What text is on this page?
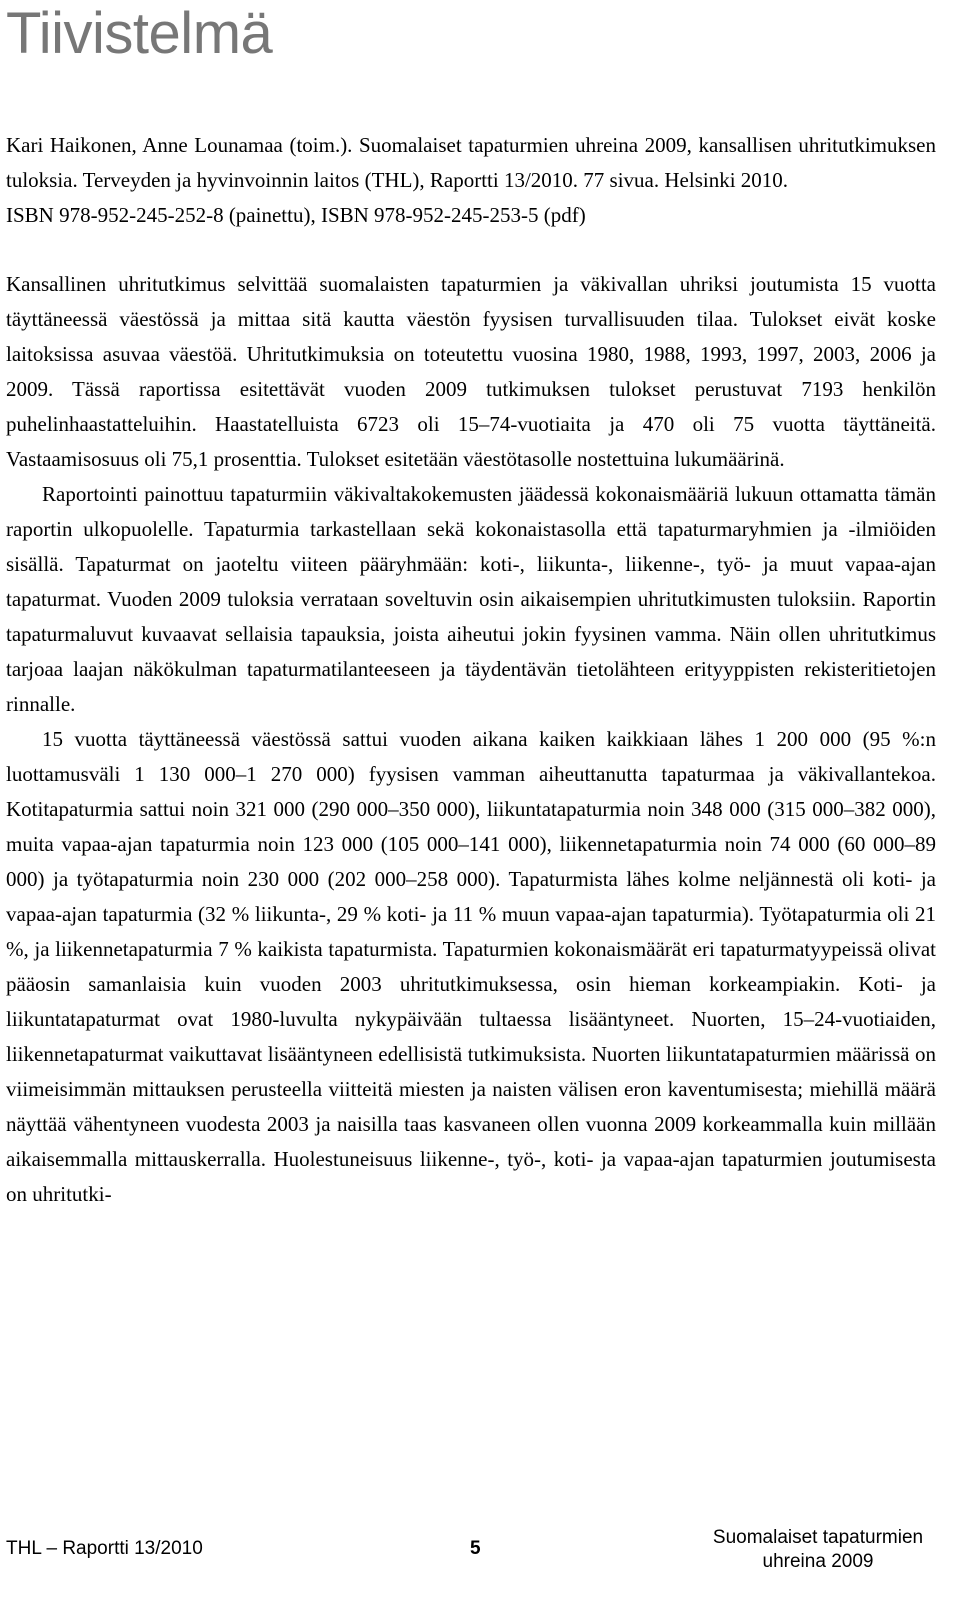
Tiivistelmä

Kari Haikonen, Anne Lounamaa (toim.). Suomalaiset tapaturmien uhreina 2009, kansallisen uhritutkimuksen tuloksia. Terveyden ja hyvinvoinnin laitos (THL), Raportti 13/2010. 77 sivua. Helsinki 2010.

ISBN 978-952-245-252-8 (painettu), ISBN 978-952-245-253-5 (pdf)

Kansallinen uhritutkimus selvittää suomalaisten tapaturmien ja väkivallan uhriksi joutumista 15 vuotta täyttäneessä väestössä ja mittaa sitä kautta väestön fyysisen turvallisuuden tilaa. Tulokset eivät koske laitoksissa asuvaa väestöä. Uhritutkimuksia on toteutettu vuosina 1980, 1988, 1993, 1997, 2003, 2006 ja 2009. Tässä raportissa esitettävät vuoden 2009 tutkimuksen tulokset perustuvat 7193 henkilön puhelinhaastatteluihin. Haastatelluista 6723 oli 15–74-vuotiaita ja 470 oli 75 vuotta täyttäneitä. Vastaamisosuus oli 75,1 prosenttia. Tulokset esitetään väestötasolle nostettuina lukumäärinä.

Raportointi painottuu tapaturmiin väkivaltakokemusten jäädessä kokonaismääriä lukuun ottamatta tämän raportin ulkopuolelle. Tapaturmia tarkastellaan sekä kokonaistasolla että tapaturmaryhmien ja -ilmiöiden sisällä. Tapaturmat on jaoteltu viiteen pääryhmään: koti-, liikunta-, liikenne-, työ- ja muut vapaa-ajan tapaturmat. Vuoden 2009 tuloksia verrataan soveltuvin osin aikaisempien uhritutkimusten tuloksiin. Raportin tapaturmaluvut kuvaavat sellaisia tapauksia, joista aiheutui jokin fyysinen vamma. Näin ollen uhritutkimus tarjoaa laajan näkökulman tapaturmatilanteeseen ja täydentävän tietolähteen erityyppisten rekisteritietojen rinnalle.

15 vuotta täyttäneessä väestössä sattui vuoden aikana kaiken kaikkiaan lähes 1 200 000 (95 %:n luottamusväli 1 130 000–1 270 000) fyysisen vamman aiheuttanutta tapaturmaa ja väkivallantekoa. Kotitapaturmia sattui noin 321 000 (290 000–350 000), liikuntatapaturmia noin 348 000 (315 000–382 000), muita vapaa-ajan tapaturmia noin 123 000 (105 000–141 000), liikennetapaturmia noin 74 000 (60 000–89 000) ja työtapaturmia noin 230 000 (202 000–258 000). Tapaturmista lähes kolme neljännestä oli koti- ja vapaa-ajan tapaturmia (32 % liikunta-, 29 % koti- ja 11 % muun vapaa-ajan tapaturmia). Työtapaturmia oli 21 %, ja liikennetapaturmia 7 % kaikista tapaturmista. Tapaturmien kokonaismäärät eri tapaturmatyypeissä olivat pääosin samanlaisia kuin vuoden 2003 uhritutkimuksessa, osin hieman korkeampiakin. Koti- ja liikuntatapaturmat ovat 1980-luvulta nykypäivään tultaessa lisääntyneet. Nuorten, 15–24-vuotiaiden, liikennetapaturmat vaikuttavat lisääntyneen edellisistä tutkimuksista. Nuorten liikuntatapaturmien määrissä on viimeisimmän mittauksen perusteella viitteitä miesten ja naisten välisen eron kaventumisesta; miehillä määrä näyttää vähentyneen vuodesta 2003 ja naisilla taas kasvaneen ollen vuonna 2009 korkeammalla kuin millään aikaisemmalla mittauskerralla. Huolestuneisuus liikenne-, työ-, koti- ja vapaa-ajan tapaturmien joutumisesta on uhritutki-

THL – Raportti 13/2010	5
Suomalaiset tapaturmien
uhreina 2009
